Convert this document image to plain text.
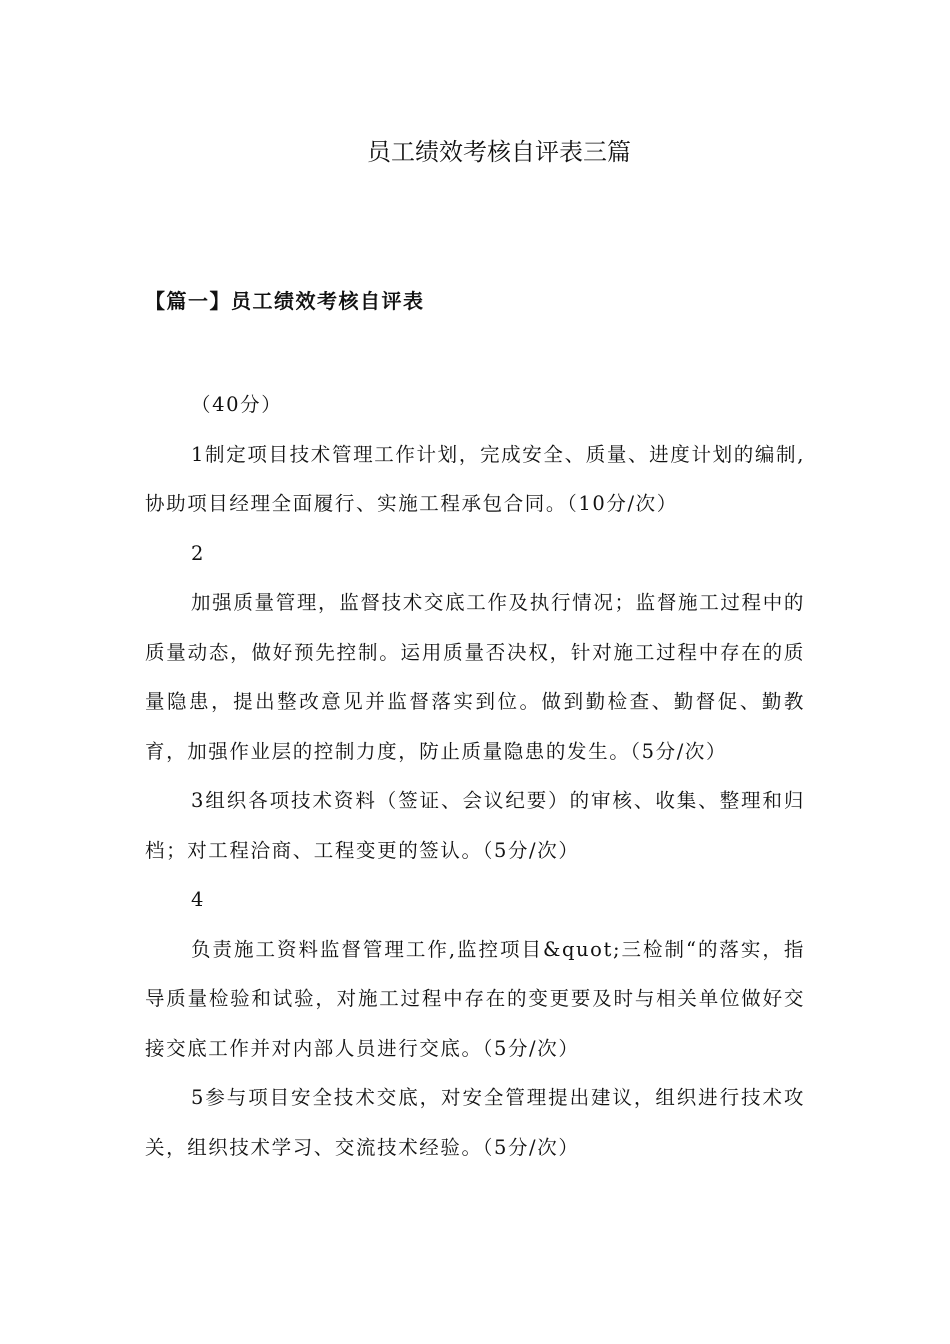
员工绩效考核自评表三篇
【篇一】员工绩效考核自评表

（40分）

1制定项目技术管理工作计划，完成安全、质量、进度计划的编制,协助项目经理全面履行、实施工程承包合同。（10分/次）

2

加强质量管理，监督技术交底工作及执行情况；监督施工过程中的质量动态，做好预先控制。运用质量否决权，针对施工过程中存在的质量隐患，提出整改意见并监督落实到位。做到勤检查、勤督促、勤教育，加强作业层的控制力度，防止质量隐患的发生。（5分/次）

3组织各项技术资料（签证、会议纪要）的审核、收集、整理和归档；对工程洽商、工程变更的签认。（5分/次）

4

负责施工资料监督管理工作,监控项目&quot;三检制“的落实，指导质量检验和试验，对施工过程中存在的变更要及时与相关单位做好交接交底工作并对内部人员进行交底。（5分/次）

5参与项目安全技术交底，对安全管理提出建议，组织进行技术攻关，组织技术学习、交流技术经验。（5分/次）
